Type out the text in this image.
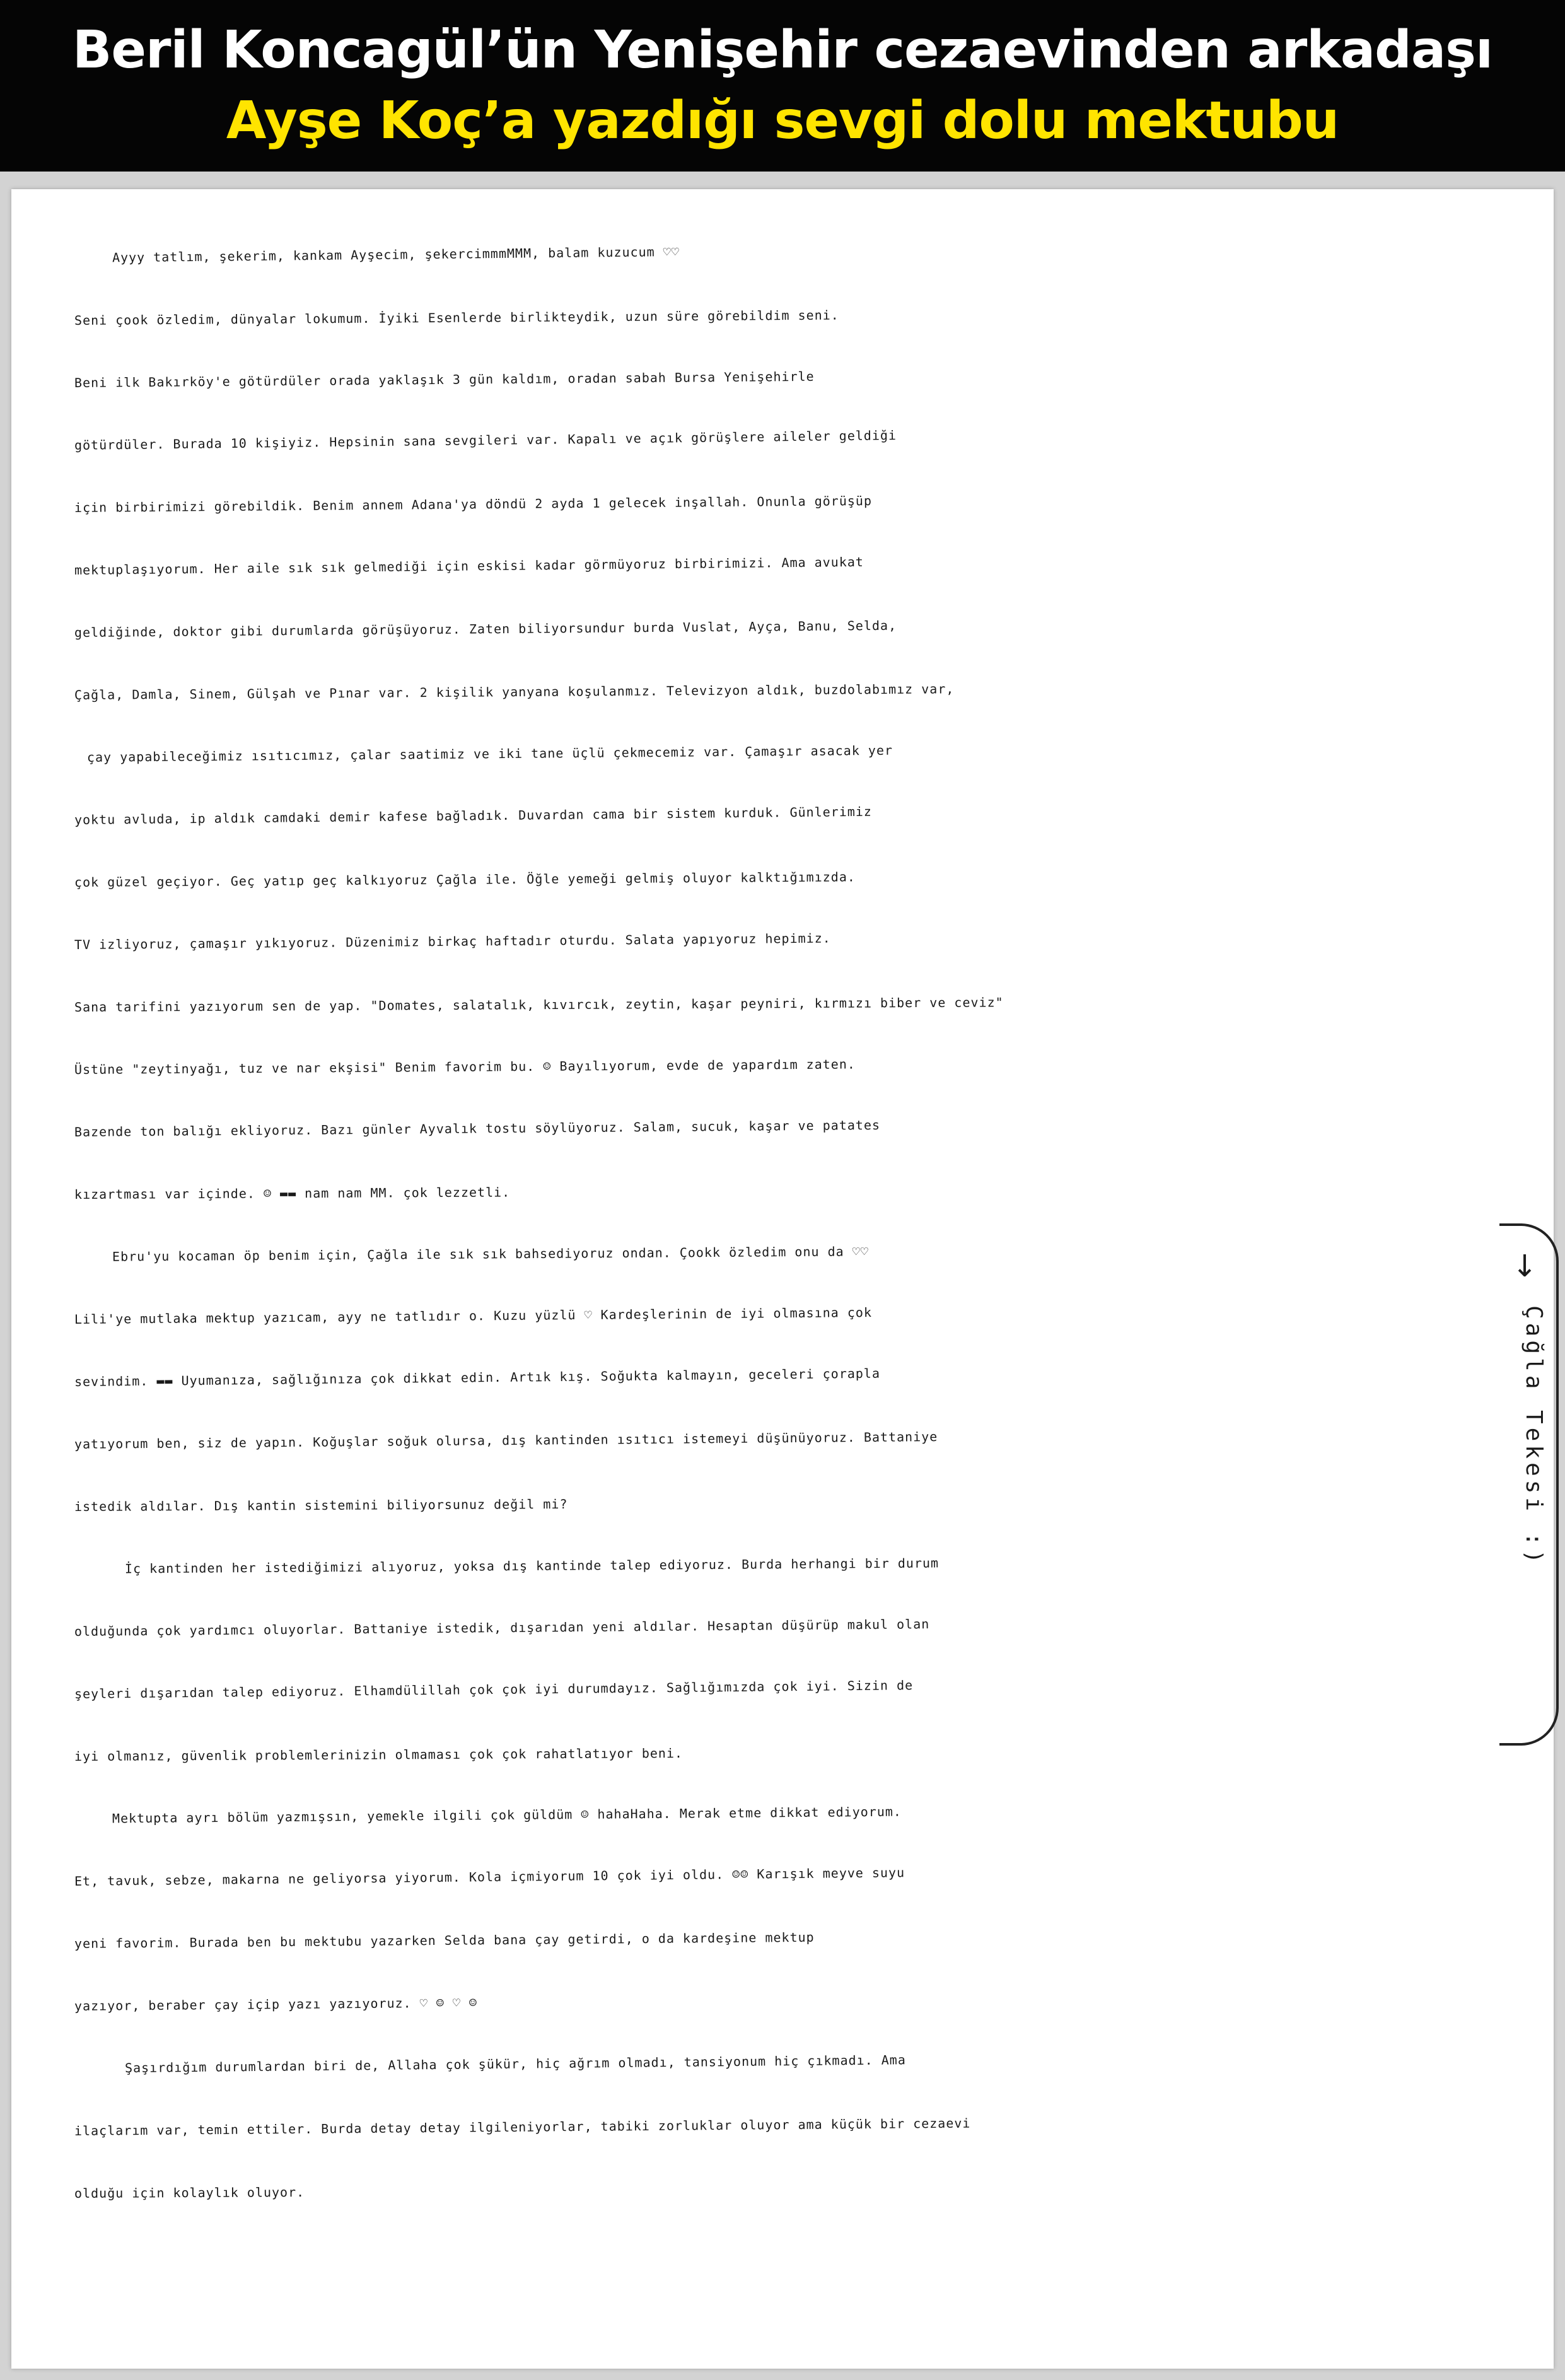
Beril Koncagül’ün Yenişehir cezaevinden arkadaşı
Ayşe Koç’a yazdığı sevgi dolu mektubu
Ayyy tatlım, şekerim, kankam Ayşecim, şekercimmmMMM, balam kuzucum ♡♡
Seni çook özledim, dünyalar lokumum. İyiki Esenlerde birlikteydik, uzun süre görebildim seni.
Beni ilk Bakırköy'e götürdüler orada yaklaşık 3 gün kaldım, oradan sabah Bursa Yenişehirle
götürdüler. Burada 10 kişiyiz. Hepsinin sana sevgileri var. Kapalı ve açık görüşlere aileler geldiği
için birbirimizi görebildik. Benim annem Adana'ya döndü 2 ayda 1 gelecek inşallah. Onunla görüşüp
mektuplaşıyorum. Her aile sık sık gelmediği için eskisi kadar görmüyoruz birbirimizi. Ama avukat
geldiğinde, doktor gibi durumlarda görüşüyoruz. Zaten biliyorsundur burda Vuslat, Ayça, Banu, Selda,
Çağla, Damla, Sinem, Gülşah ve Pınar var. 2 kişilik yanyana koşulanmız. Televizyon aldık, buzdolabımız var,
çay yapabileceğimiz ısıtıcımız, çalar saatimiz ve iki tane üçlü çekmecemiz var. Çamaşır asacak yer
yoktu avluda, ip aldık camdaki demir kafese bağladık. Duvardan cama bir sistem kurduk. Günlerimiz
çok güzel geçiyor. Geç yatıp geç kalkıyoruz Çağla ile. Öğle yemeği gelmiş oluyor kalktığımızda.
TV izliyoruz, çamaşır yıkıyoruz. Düzenimiz birkaç haftadır oturdu. Salata yapıyoruz hepimiz.
Sana tarifini yazıyorum sen de yap. "Domates, salatalık, kıvırcık, zeytin, kaşar peyniri, kırmızı biber ve ceviz"
Üstüne "zeytinyağı, tuz ve nar ekşisi" Benim favorim bu. ☺ Bayılıyorum, evde de yapardım zaten.
Bazende ton balığı ekliyoruz. Bazı günler Ayvalık tostu söylüyoruz. Salam, sucuk, kaşar ve patates
kızartması var içinde. ☺ ▬▬ nam nam MM. çok lezzetli.
Ebru'yu kocaman öp benim için, Çağla ile sık sık bahsediyoruz ondan. Çookk özledim onu da ♡♡
Lili'ye mutlaka mektup yazıcam, ayy ne tatlıdır o. Kuzu yüzlü ♡ Kardeşlerinin de iyi olmasına çok
sevindim. ▬▬ Uyumanıza, sağlığınıza çok dikkat edin. Artık kış. Soğukta kalmayın, geceleri çorapla
yatıyorum ben, siz de yapın. Koğuşlar soğuk olursa, dış kantinden ısıtıcı istemeyi düşünüyoruz. Battaniye
istedik aldılar. Dış kantin sistemini biliyorsunuz değil mi?
İç kantinden her istediğimizi alıyoruz, yoksa dış kantinde talep ediyoruz. Burda herhangi bir durum
olduğunda çok yardımcı oluyorlar. Battaniye istedik, dışarıdan yeni aldılar. Hesaptan düşürüp makul olan
şeyleri dışarıdan talep ediyoruz. Elhamdülillah çok çok iyi durumdayız. Sağlığımızda çok iyi. Sizin de
iyi olmanız, güvenlik problemlerinizin olmaması çok çok rahatlatıyor beni.
Mektupta ayrı bölüm yazmışsın, yemekle ilgili çok güldüm ☺ hahaHaha. Merak etme dikkat ediyorum.
Et, tavuk, sebze, makarna ne geliyorsa yiyorum. Kola içmiyorum 10 çok iyi oldu. ☺☺ Karışık meyve suyu
yeni favorim. Burada ben bu mektubu yazarken Selda bana çay getirdi, o da kardeşine mektup
yazıyor, beraber çay içip yazı yazıyoruz. ♡ ☺ ♡ ☺
Şaşırdığım durumlardan biri de, Allaha çok şükür, hiç ağrım olmadı, tansiyonum hiç çıkmadı. Ama
ilaçlarım var, temin ettiler. Burda detay detay ilgileniyorlar, tabiki zorluklar oluyor ama küçük bir cezaevi
olduğu için kolaylık oluyor.
↓
Çağla Tekesi :)
